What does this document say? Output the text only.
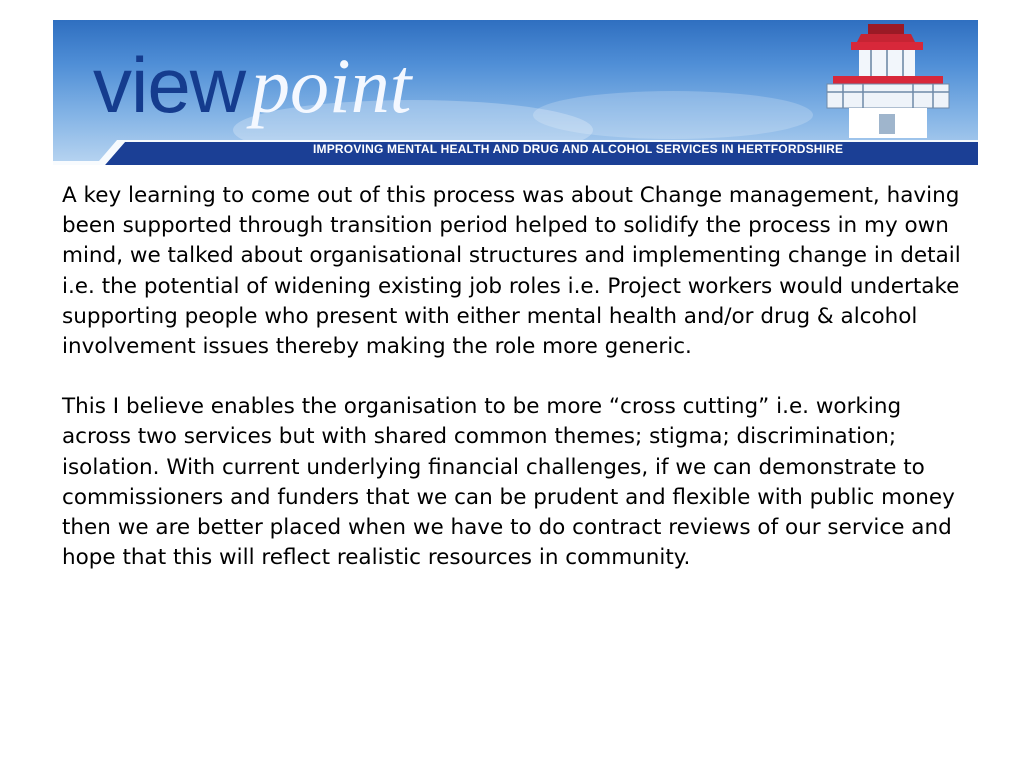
viewpoint
IMPROVING MENTAL HEALTH AND DRUG AND ALCOHOL SERVICES IN HERTFORDSHIRE

A key learning to come out of this process was about Change management, having been supported through transition period helped to solidify the process in my own mind, we talked about organisational structures and implementing change in detail i.e. the potential of widening existing job roles i.e. Project workers would undertake supporting people who present with either mental health and/or drug & alcohol involvement issues thereby making the role more generic.

This I believe enables the organisation to be more “cross cutting” i.e. working across two services but with shared common themes; stigma; discrimination; isolation. With current underlying financial challenges, if we can demonstrate to commissioners and funders that we can be prudent and flexible with public money then we are better placed when we have to do contract reviews of our service and hope that this will reflect realistic resources in community.
